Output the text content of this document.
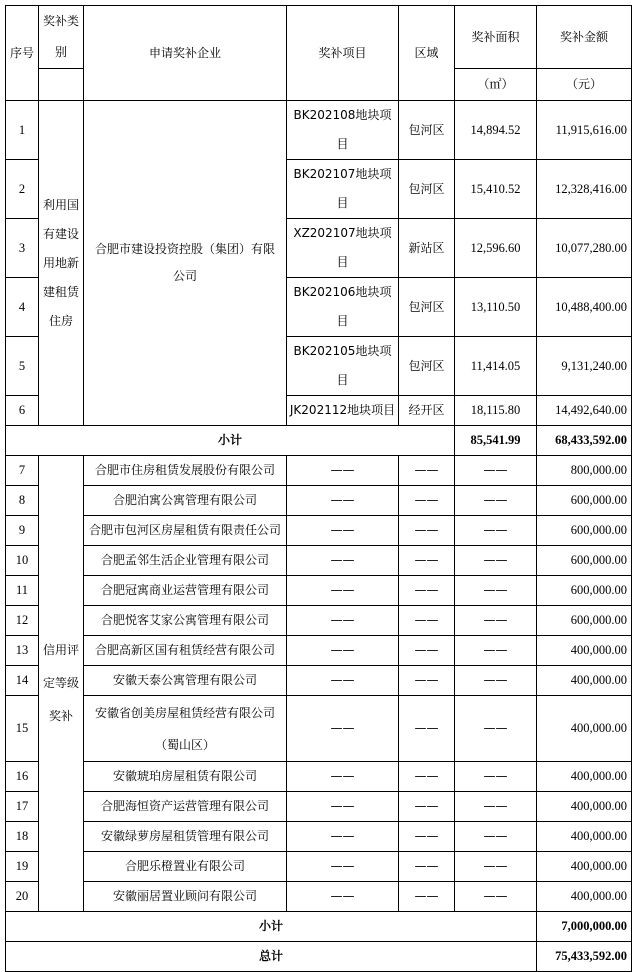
序号	奖补类别	申请奖补企业	奖补项目	区域	奖补面积	奖补金额
					（㎡）	（元）
1	利用国有建设用地新建租赁住房	合肥市建设投资控股（集团）有限公司	BK202108地块项目	包河区	14,894.52	11,915,616.00
2			BK202107地块项目	包河区	15,410.52	12,328,416.00
3			XZ202107地块项目	新站区	12,596.60	10,077,280.00
4			BK202106地块项目	包河区	13,110.50	10,488,400.00
5			BK202105地块项目	包河区	11,414.05	9,131,240.00
6			JK202112地块项目	经开区	18,115.80	14,492,640.00
小计					85,541.99	68,433,592.00
7	信用评定等级奖补	合肥市住房租赁发展股份有限公司	——	——	——	800,000.00
8		合肥泊寓公寓管理有限公司	——	——	——	600,000.00
9		合肥市包河区房屋租赁有限责任公司	——	——	——	600,000.00
10		合肥孟邻生活企业管理有限公司	——	——	——	600,000.00
11		合肥冠寓商业运营管理有限公司	——	——	——	600,000.00
12		合肥悦客艾家公寓管理有限公司	——	——	——	600,000.00
13		合肥高新区国有租赁经营有限公司	——	——	——	400,000.00
14		安徽天泰公寓管理有限公司	——	——	——	400,000.00
15		安徽省创美房屋租赁经营有限公司（蜀山区）	——	——	——	400,000.00
16		安徽琥珀房屋租赁有限公司	——	——	——	400,000.00
17		合肥海恒资产运营管理有限公司	——	——	——	400,000.00
18		安徽绿萝房屋租赁管理有限公司	——	——	——	400,000.00
19		合肥乐橙置业有限公司	——	——	——	400,000.00
20		安徽丽居置业顾问有限公司	——	——	——	400,000.00
小计						7,000,000.00
总计						75,433,592.00
